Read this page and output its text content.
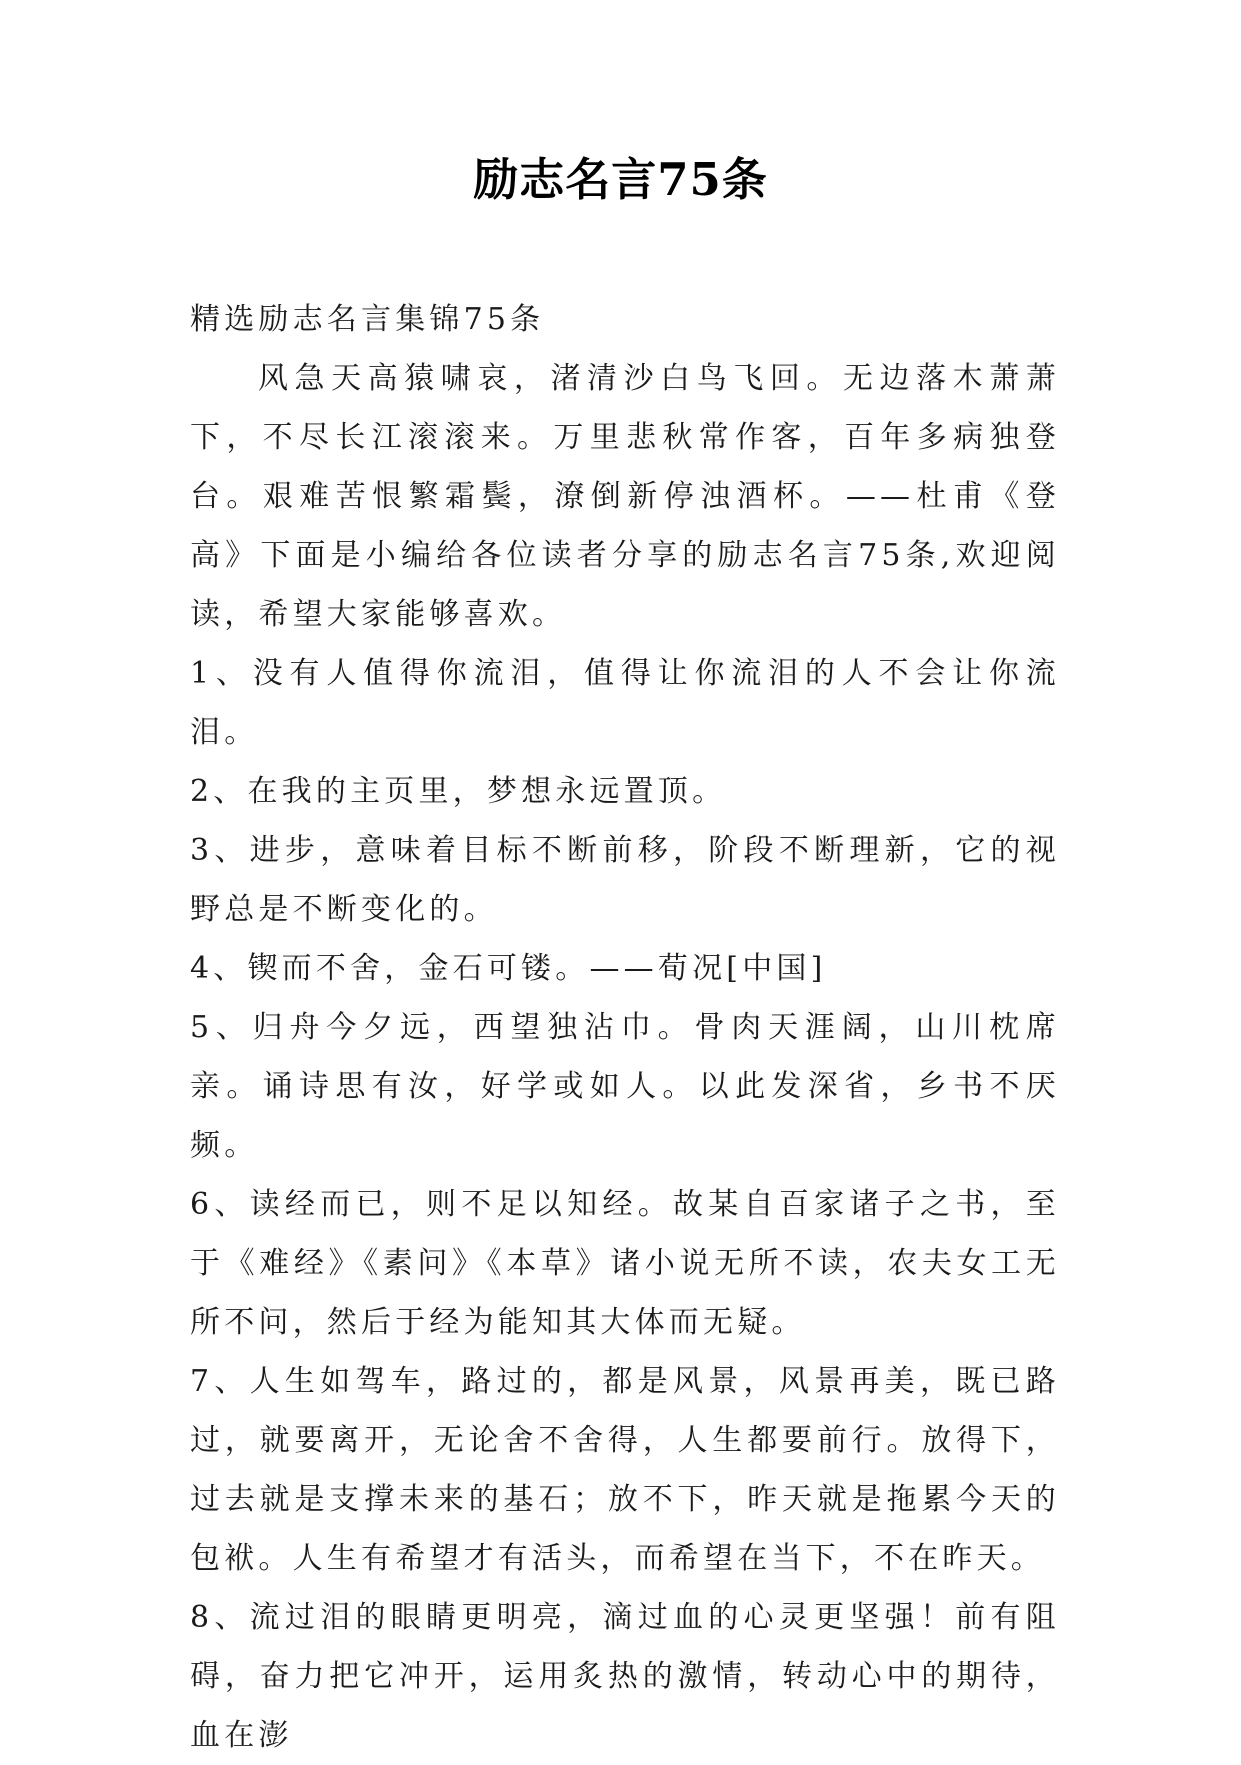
励志名言75条

精选励志名言集锦75条

风急天高猿啸哀，渚清沙白鸟飞回。无边落木萧萧下，不尽长江滚滚来。万里悲秋常作客，百年多病独登台。艰难苦恨繁霜鬓，潦倒新停浊酒杯。——杜甫《登高》下面是小编给各位读者分享的励志名言75条,欢迎阅读，希望大家能够喜欢。

1、没有人值得你流泪，值得让你流泪的人不会让你流泪。

2、在我的主页里，梦想永远置顶。

3、进步，意味着目标不断前移，阶段不断理新，它的视野总是不断变化的。

4、锲而不舍，金石可镂。——荀况[中国]

5、归舟今夕远，西望独沾巾。骨肉天涯阔，山川枕席亲。诵诗思有汝，好学或如人。以此发深省，乡书不厌频。

6、读经而已，则不足以知经。故某自百家诸子之书，至于《难经》《素问》《本草》诸小说无所不读，农夫女工无所不问，然后于经为能知其大体而无疑。

7、人生如驾车，路过的，都是风景，风景再美，既已路过，就要离开，无论舍不舍得，人生都要前行。放得下，过去就是支撑未来的基石；放不下，昨天就是拖累今天的包袱。人生有希望才有活头，而希望在当下，不在昨天。

8、流过泪的眼睛更明亮，滴过血的心灵更坚强！前有阻碍，奋力把它冲开，运用炙热的激情，转动心中的期待，血在澎
